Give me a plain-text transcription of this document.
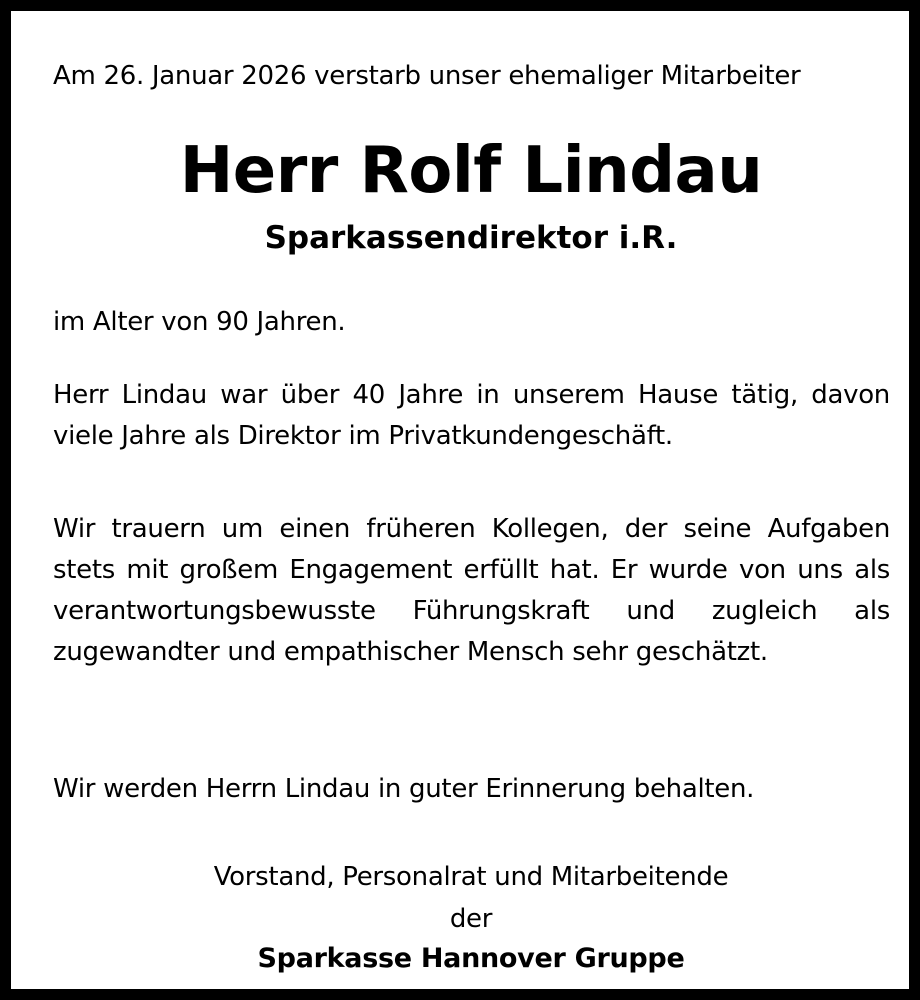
Am 26. Januar 2026 verstarb unser ehemaliger Mitarbeiter

Herr Rolf Lindau

Sparkassendirektor i.R.

im Alter von 90 Jahren.

Herr Lindau war über 40 Jahre in unserem Hause tätig, davon viele Jahre als Direktor im Privatkundengeschäft.

Wir trauern um einen früheren Kollegen, der seine Aufgaben stets mit großem Engagement erfüllt hat. Er wurde von uns als verantwortungsbewusste Führungskraft und zugleich als zugewandter und empathischer Mensch sehr geschätzt.

Wir werden Herrn Lindau in guter Erinnerung behalten.

Vorstand, Personalrat und Mitarbeitende

der

Sparkasse Hannover Gruppe
